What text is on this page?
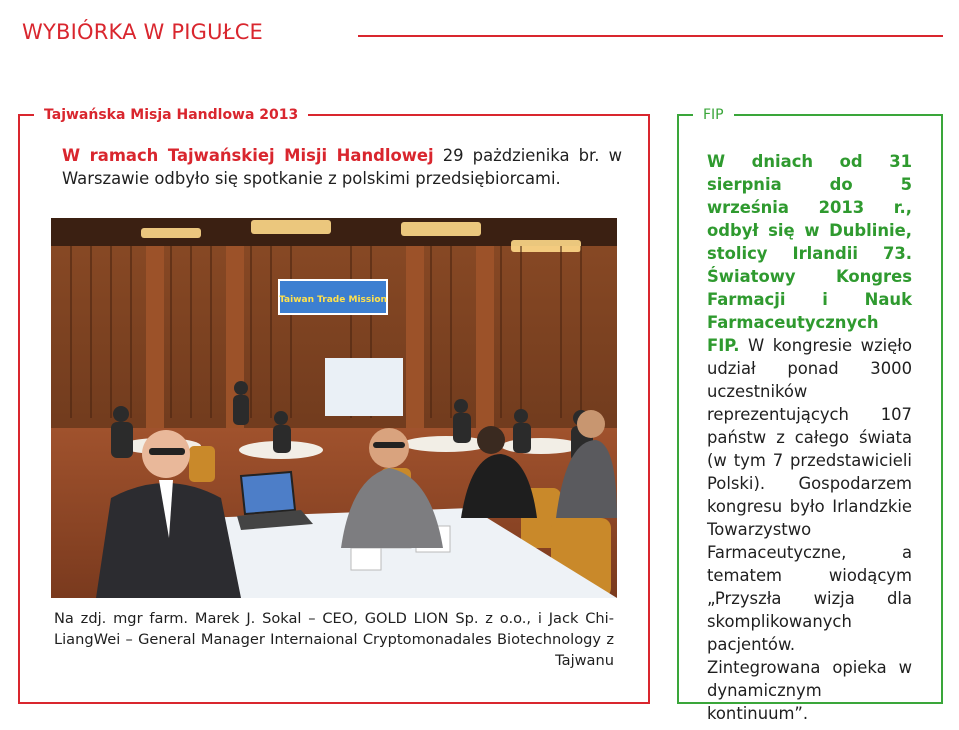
WYBIÓRKA W PIGUŁCE
Tajwańska Misja Handlowa 2013

W ramach Tajwańskiej Misji Handlowej 29 pażdzienika br. w Warszawie odbyło się spotkanie z polskimi przedsiębiorcami.

Taiwan Trade Mission

Na zdj. mgr farm. Marek J. Sokal – CEO, GOLD LION Sp. z o.o., i Jack Chi-LiangWei – General Manager Internaional Cryptomonadales Biotechnology z Tajwanu

FIP

W dniach od 31 sierpnia do 5 września 2013 r., odbył się w Dublinie, stolicy Irlandii 73. Światowy Kongres Farmacji i Nauk Farmaceutycznych FIP. W kongresie wzięło udział ponad 3000 uczestników reprezentujących 107 państw z całego świata (w tym 7 przedstawicieli Polski). Gospodarzem kongresu było Irlandzkie Towarzystwo Farmaceutyczne, a tematem wiodącym „Przyszła wizja dla skomplikowanych pacjentów. Zintegrowana opieka w dynamicznym kontinuum”.
